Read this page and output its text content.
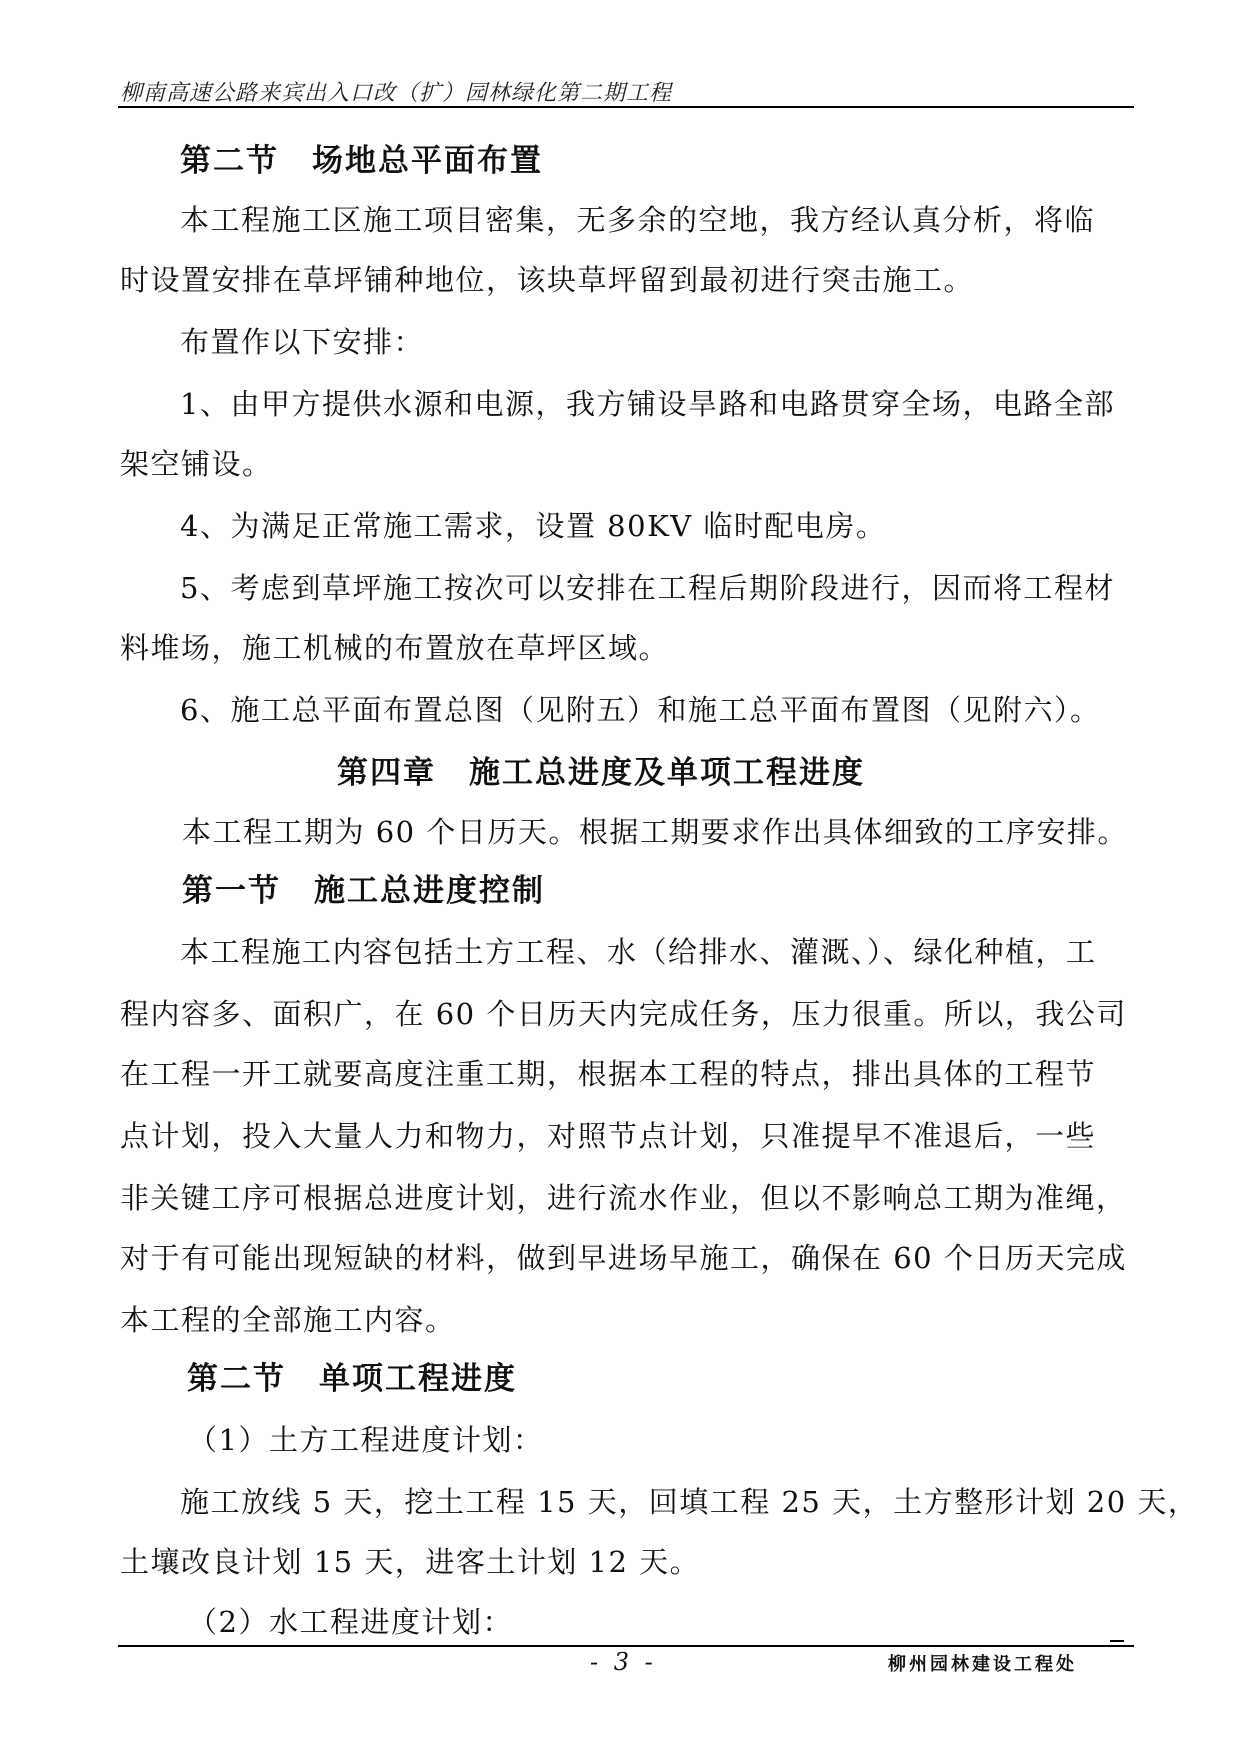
柳南高速公路来宾出入口改（扩）园林绿化第二期工程
第二节　场地总平面布置
本工程施工区施工项目密集，无多余的空地，我方经认真分析，将临
时设置安排在草坪铺种地位，该块草坪留到最初进行突击施工。
布置作以下安排：
1、由甲方提供水源和电源，我方铺设旱路和电路贯穿全场，电路全部
架空铺设。
4、为满足正常施工需求，设置 80KV 临时配电房。
5、考虑到草坪施工按次可以安排在工程后期阶段进行，因而将工程材
料堆场，施工机械的布置放在草坪区域。
6、施工总平面布置总图（见附五）和施工总平面布置图（见附六）。
第四章　施工总进度及单项工程进度
本工程工期为 60 个日历天。根据工期要求作出具体细致的工序安排。
第一节　施工总进度控制
本工程施工内容包括土方工程、水（给排水、灌溉、）、绿化种植，工
程内容多、面积广，在 60 个日历天内完成任务，压力很重。所以，我公司
在工程一开工就要高度注重工期，根据本工程的特点，排出具体的工程节
点计划，投入大量人力和物力，对照节点计划，只准提早不准退后，一些
非关键工序可根据总进度计划，进行流水作业，但以不影响总工期为准绳，
对于有可能出现短缺的材料，做到早进场早施工，确保在 60 个日历天完成
本工程的全部施工内容。
第二节　单项工程进度
（1）土方工程进度计划：
施工放线 5 天，挖土工程 15 天，回填工程 25 天，土方整形计划 20 天，
土壤改良计划 15 天，进客土计划 12 天。
（2）水工程进度计划：
- 3 -	柳州园林建设工程处
